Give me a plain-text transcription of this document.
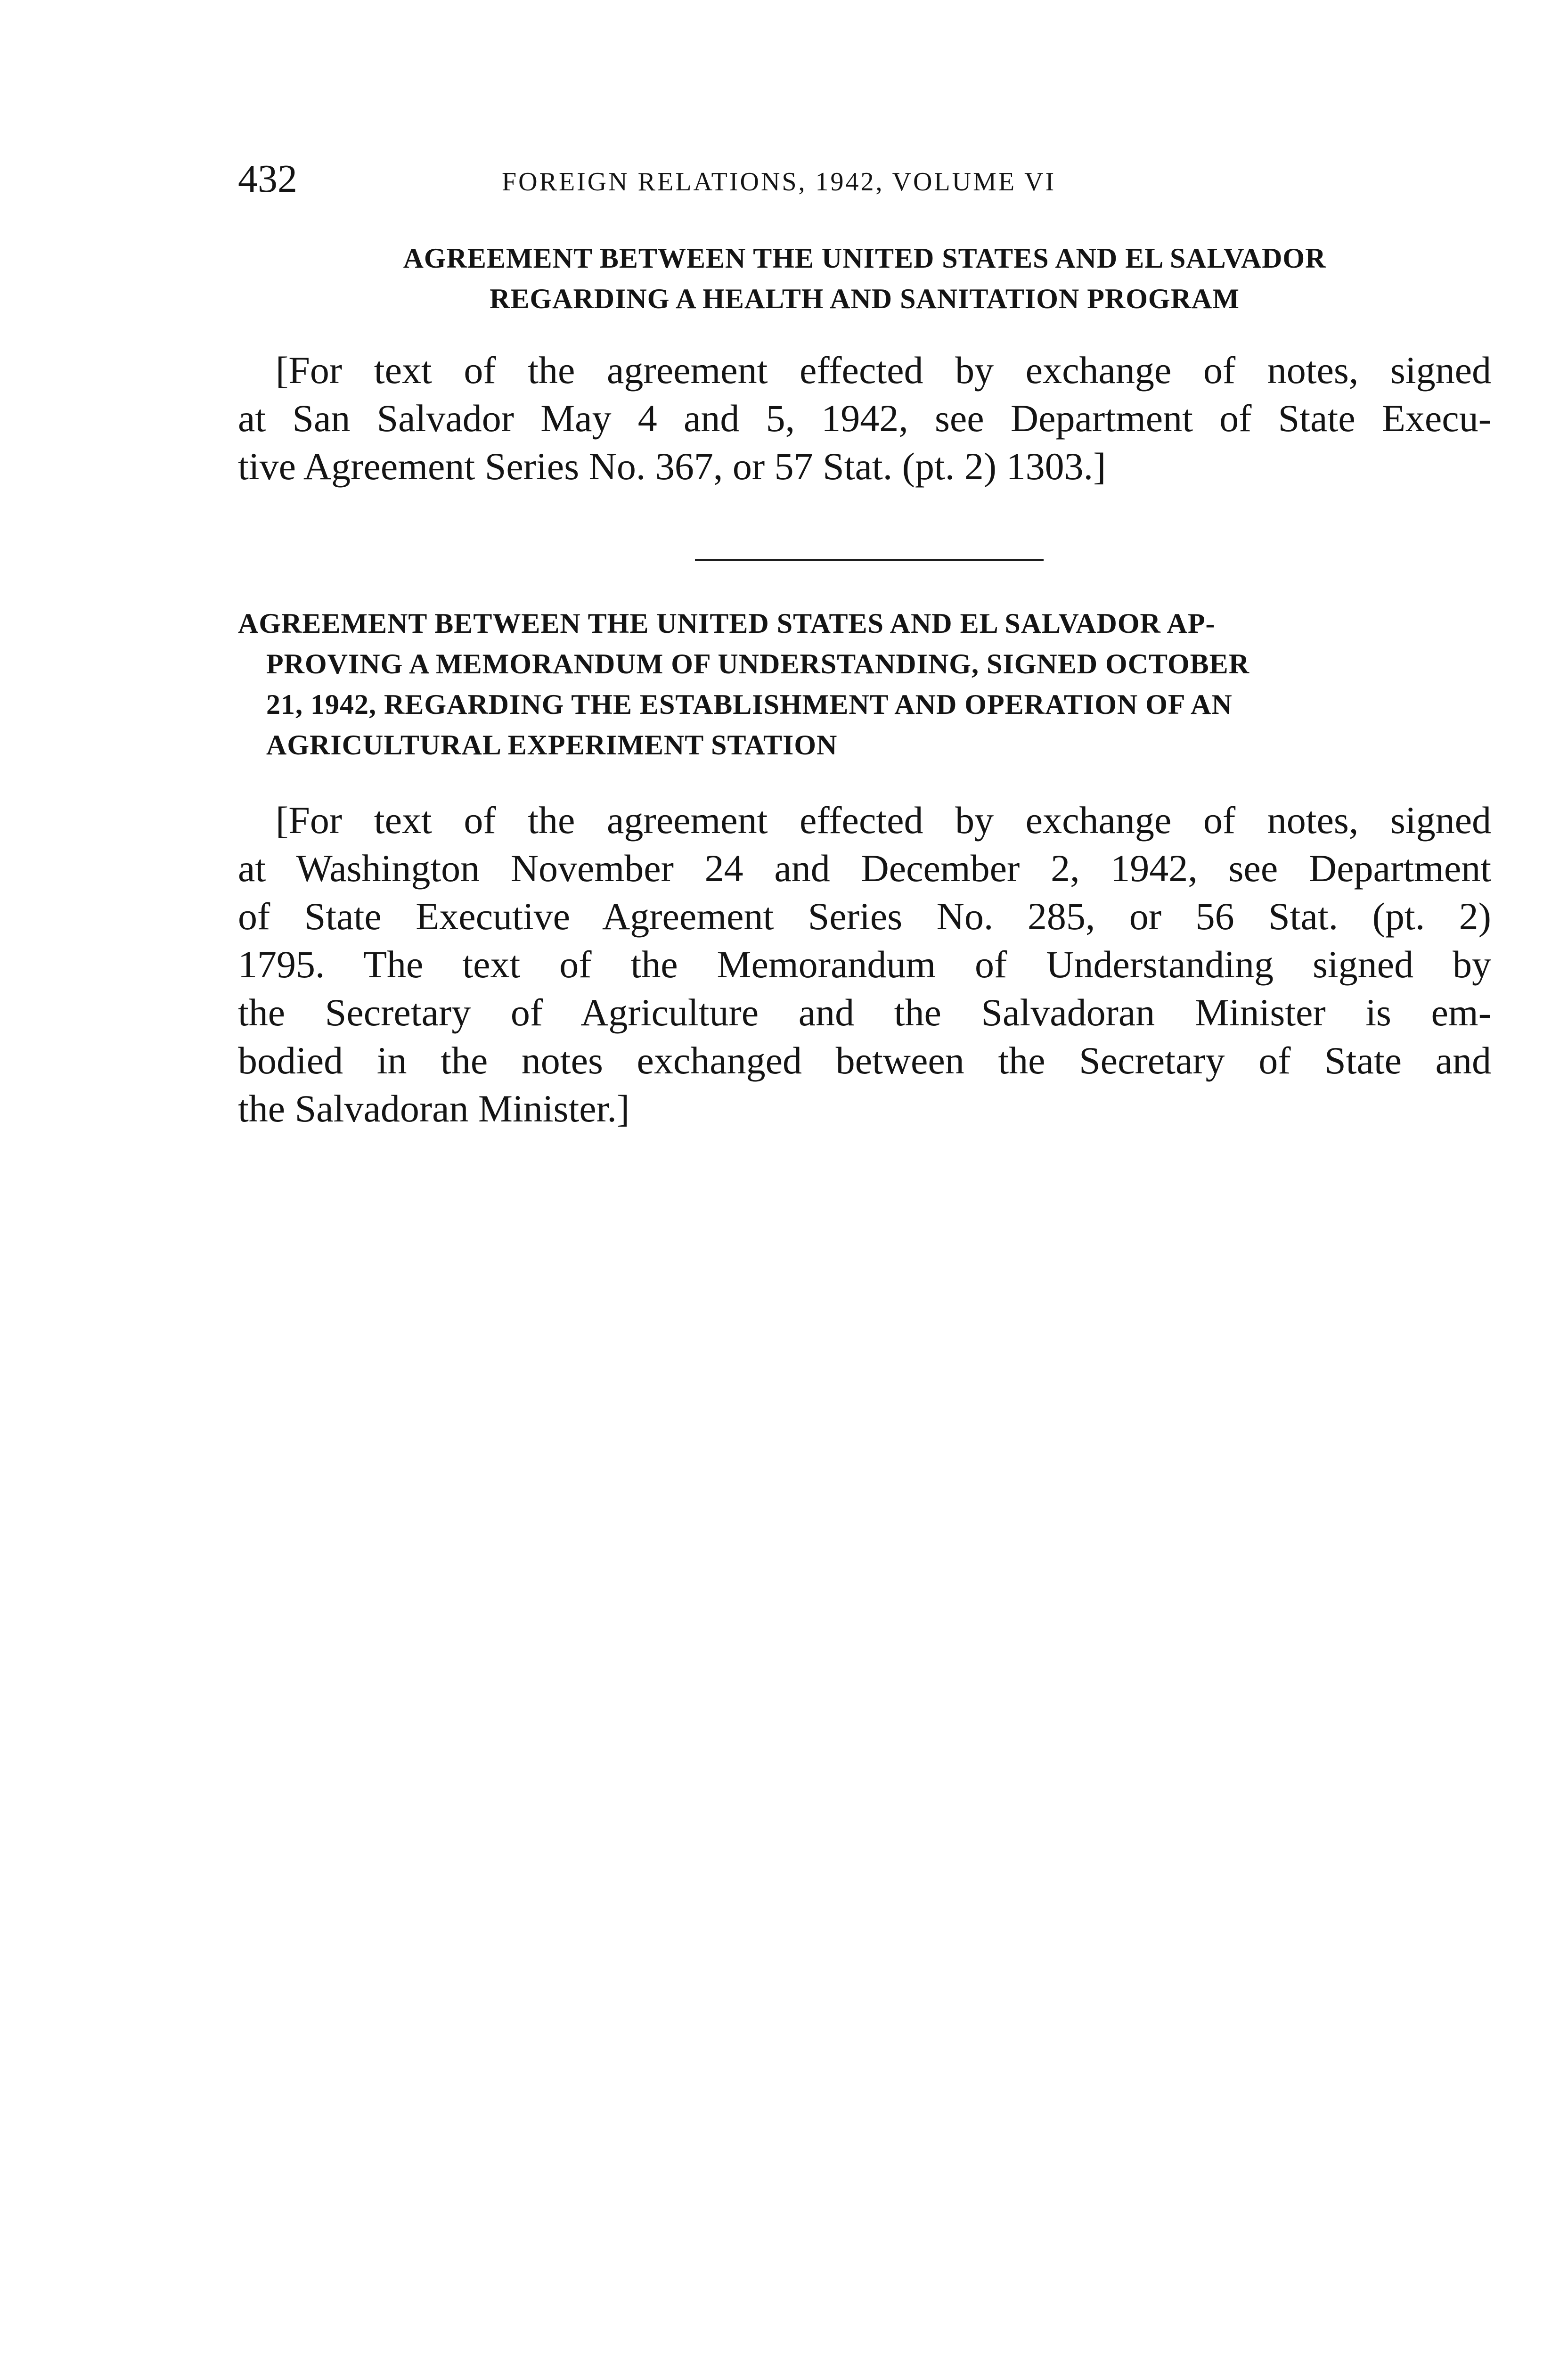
432	FOREIGN RELATIONS, 1942, VOLUME VI
AGREEMENT BETWEEN THE UNITED STATES AND EL SALVADOR
REGARDING A HEALTH AND SANITATION PROGRAM
[For text of the agreement effected by exchange of notes, signed
at San Salvador May 4 and 5, 1942, see Department of State Execu-
tive Agreement Series No. 367, or 57 Stat. (pt. 2) 1303.]
AGREEMENT BETWEEN THE UNITED STATES AND EL SALVADOR AP-
PROVING A MEMORANDUM OF UNDERSTANDING, SIGNED OCTOBER
21, 1942, REGARDING THE ESTABLISHMENT AND OPERATION OF AN
AGRICULTURAL EXPERIMENT STATION
[For text of the agreement effected by exchange of notes, signed
at Washington November 24 and December 2, 1942, see Department
of State Executive Agreement Series No. 285, or 56 Stat. (pt. 2)
1795. The text of the Memorandum of Understanding signed by
the Secretary of Agriculture and the Salvadoran Minister is em-
bodied in the notes exchanged between the Secretary of State and
the Salvadoran Minister.]
